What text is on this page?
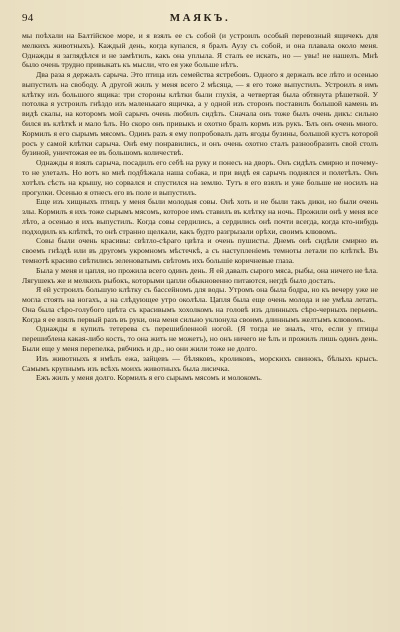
94	МАЯКЪ.

мы поѣхали на Балтійское море, и я взялъ ее съ собой (и устроилъ особый перевозный ящичекъ для мелкихъ животныхъ). Каждый день, когда купался, я бралъ Аузу съ собой, и она плавала около меня. Однажды я заглядѣлся и не замѣтилъ, какъ она уплыла. Я сталъ ее искать, но — увы! не нашелъ. Мнѣ было очень трудно привыкать къ мысли, что ея уже больше нѣтъ.

Два раза я держалъ сарыча. Это птица изъ семейства ястребовъ. Одного я держалъ все лѣто и осенью выпустилъ на свободу. А другой жилъ у меня всего 2 мѣсяца, — я его тоже выпустилъ. Устроилъ я имъ клѣтку изъ большого ящика: три стороны клѣтки были глухія, а четвертая была обтянута рѣшеткой. У потолка я устроилъ гнѣздо изъ маленькаго ящичка, а у одной изъ сторонъ поставилъ большой камень въ видѣ скалы, на которомъ мой сарычъ очень любилъ сидѣть. Сначала онъ тоже былъ очень дикъ: сильно бился въ клѣткѣ и мало ѣлъ. Но скоро онъ привыкъ и охотно бралъ кормъ изъ рукъ. Ѣлъ онъ очень много. Кормилъ я его сырымъ мясомъ. Одинъ разъ я ему попробовалъ дать ягоды бузины, большой кустъ которой росъ у самой клѣтки сарыча. Онѣ ему понравились, и онъ очень охотно сталъ разнообразить свой столъ бузиной, уничтожая ее въ большомъ количествѣ.

Однажды я взялъ сарыча, посадилъ его себѣ на руку и понесъ на дворъ. Онъ сидѣлъ смирно и почему-то не улеталъ. Но вотъ ко мнѣ подбѣжала наша собака, и при видѣ ея сарычъ поднялся и полетѣлъ. Онъ хотѣлъ сѣсть на крышу, но сорвался и спустился на землю. Тутъ я его взялъ и уже больше не носилъ на прогулки. Осенью я отнесъ его въ поле и выпустилъ.

Еще изъ хищныхъ птицъ у меня были молодыя совы. Онѣ хоть и не были такъ дики, но были очень злы. Кормилъ я ихъ тоже сырымъ мясомъ, которое имъ ставилъ въ клѣтку на ночь. Прожили онѣ у меня все лѣто, а осенью я ихъ выпустилъ. Когда совы сердились, а сердились онѣ почти всегда, когда кто-нибудь подходилъ къ клѣткѣ, то онѣ странно щелкали, какъ будто разгрызали орѣхи, своимъ клювомъ.

Совы были очень красивы: свѣтло-сѣраго цвѣта и очень пушисты. Днемъ онѣ сидѣли смирно въ своемъ гнѣздѣ или въ другомъ укромномъ мѣстечкѣ, а съ наступленіемъ темноты летали по клѣткѣ. Въ темнотѣ красиво свѣтились зеленоватымъ свѣтомъ ихъ большіе коричневые глаза.

Была у меня и цапля, но прожила всего одинъ день. Я ей давалъ сырого мяса, рыбы, она ничего не ѣла. Лягушекъ же и мелкихъ рыбокъ, которыми цапли обыкновенно питаются, негдѣ было достать.

Я ей устроилъ большую клѣтку съ бассейномъ для воды. Утромъ она была бодра, но къ вечеру уже не могла стоять на ногахъ, а на слѣдующее утро околѣла. Цапля была еще очень молода и не умѣла летать. Она была сѣро-голубого цвѣта съ красивымъ хохолкомъ на головѣ изъ длинныхъ сѣро-черныхъ перьевъ. Когда я ее взялъ первый разъ въ руки, она меня сильно уклюнула своимъ длиннымъ желтымъ клювомъ.

Однажды я купилъ тетерева съ перешибленной ногой. (Я тогда не зналъ, что, если у птицы перешиблена какая-либо кость, то она жить не можетъ), но онъ ничего не ѣлъ и прожилъ лишь одинъ день. Были еще у меня перепелка, рябчикъ и др., но они жили тоже не долго.

Изъ животныхъ я имѣлъ ежа, зайцевъ — бѣляковъ, кроликовъ, морскихъ свинокъ, бѣлыхъ крысъ. Самымъ крупнымъ изъ всѣхъ моихъ животныхъ была лисичка.

Ежъ жилъ у меня долго. Кормилъ я его сырымъ мясомъ и молокомъ.
